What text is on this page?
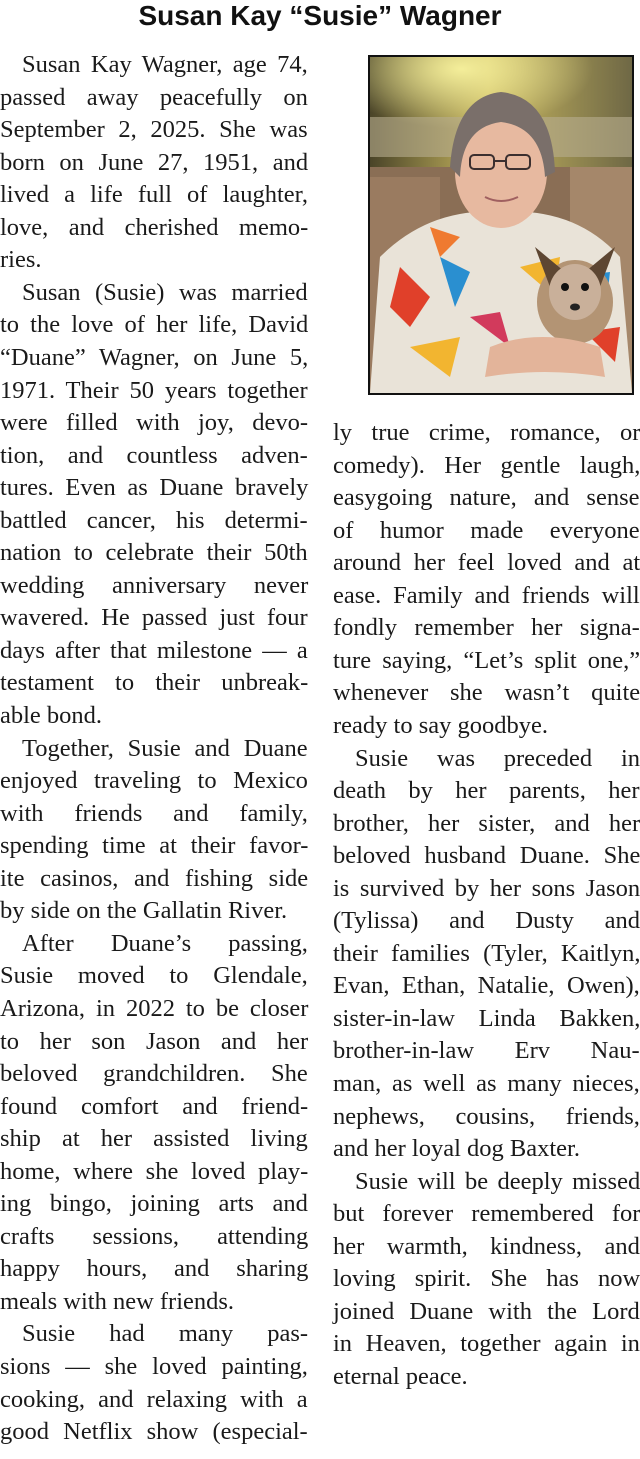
Susan Kay “Susie” Wagner
Susan Kay Wagner, age 74,
passed away peacefully on
September 2, 2025. She was
born on June 27, 1951, and
lived a life full of laughter,
love, and cherished memo-
ries.
Susan (Susie) was married
to the love of her life, David
“Duane” Wagner, on June 5,
1971. Their 50 years together
were filled with joy, devo-
tion, and countless adven-
tures. Even as Duane bravely
battled cancer, his determi-
nation to celebrate their 50th
wedding anniversary never
wavered. He passed just four
days after that milestone — a
testament to their unbreak-
able bond.
Together, Susie and Duane
enjoyed traveling to Mexico
with friends and family,
spending time at their favor-
ite casinos, and fishing side
by side on the Gallatin River.
After Duane’s passing,
Susie moved to Glendale,
Arizona, in 2022 to be closer
to her son Jason and her
beloved grandchildren. She
found comfort and friend-
ship at her assisted living
home, where she loved play-
ing bingo, joining arts and
crafts sessions, attending
happy hours, and sharing
meals with new friends.
Susie had many pas-
sions — she loved painting,
cooking, and relaxing with a
good Netflix show (especial-
ly true crime, romance, or
comedy). Her gentle laugh,
easygoing nature, and sense
of humor made everyone
around her feel loved and at
ease. Family and friends will
fondly remember her signa-
ture saying, “Let’s split one,”
whenever she wasn’t quite
ready to say goodbye.
Susie was preceded in
death by her parents, her
brother, her sister, and her
beloved husband Duane. She
is survived by her sons Jason
(Tylissa) and Dusty and
their families (Tyler, Kaitlyn,
Evan, Ethan, Natalie, Owen),
sister-in-law Linda Bakken,
brother-in-law Erv Nau-
man, as well as many nieces,
nephews, cousins, friends,
and her loyal dog Baxter.
Susie will be deeply missed
but forever remembered for
her warmth, kindness, and
loving spirit. She has now
joined Duane with the Lord
in Heaven, together again in
eternal peace.
